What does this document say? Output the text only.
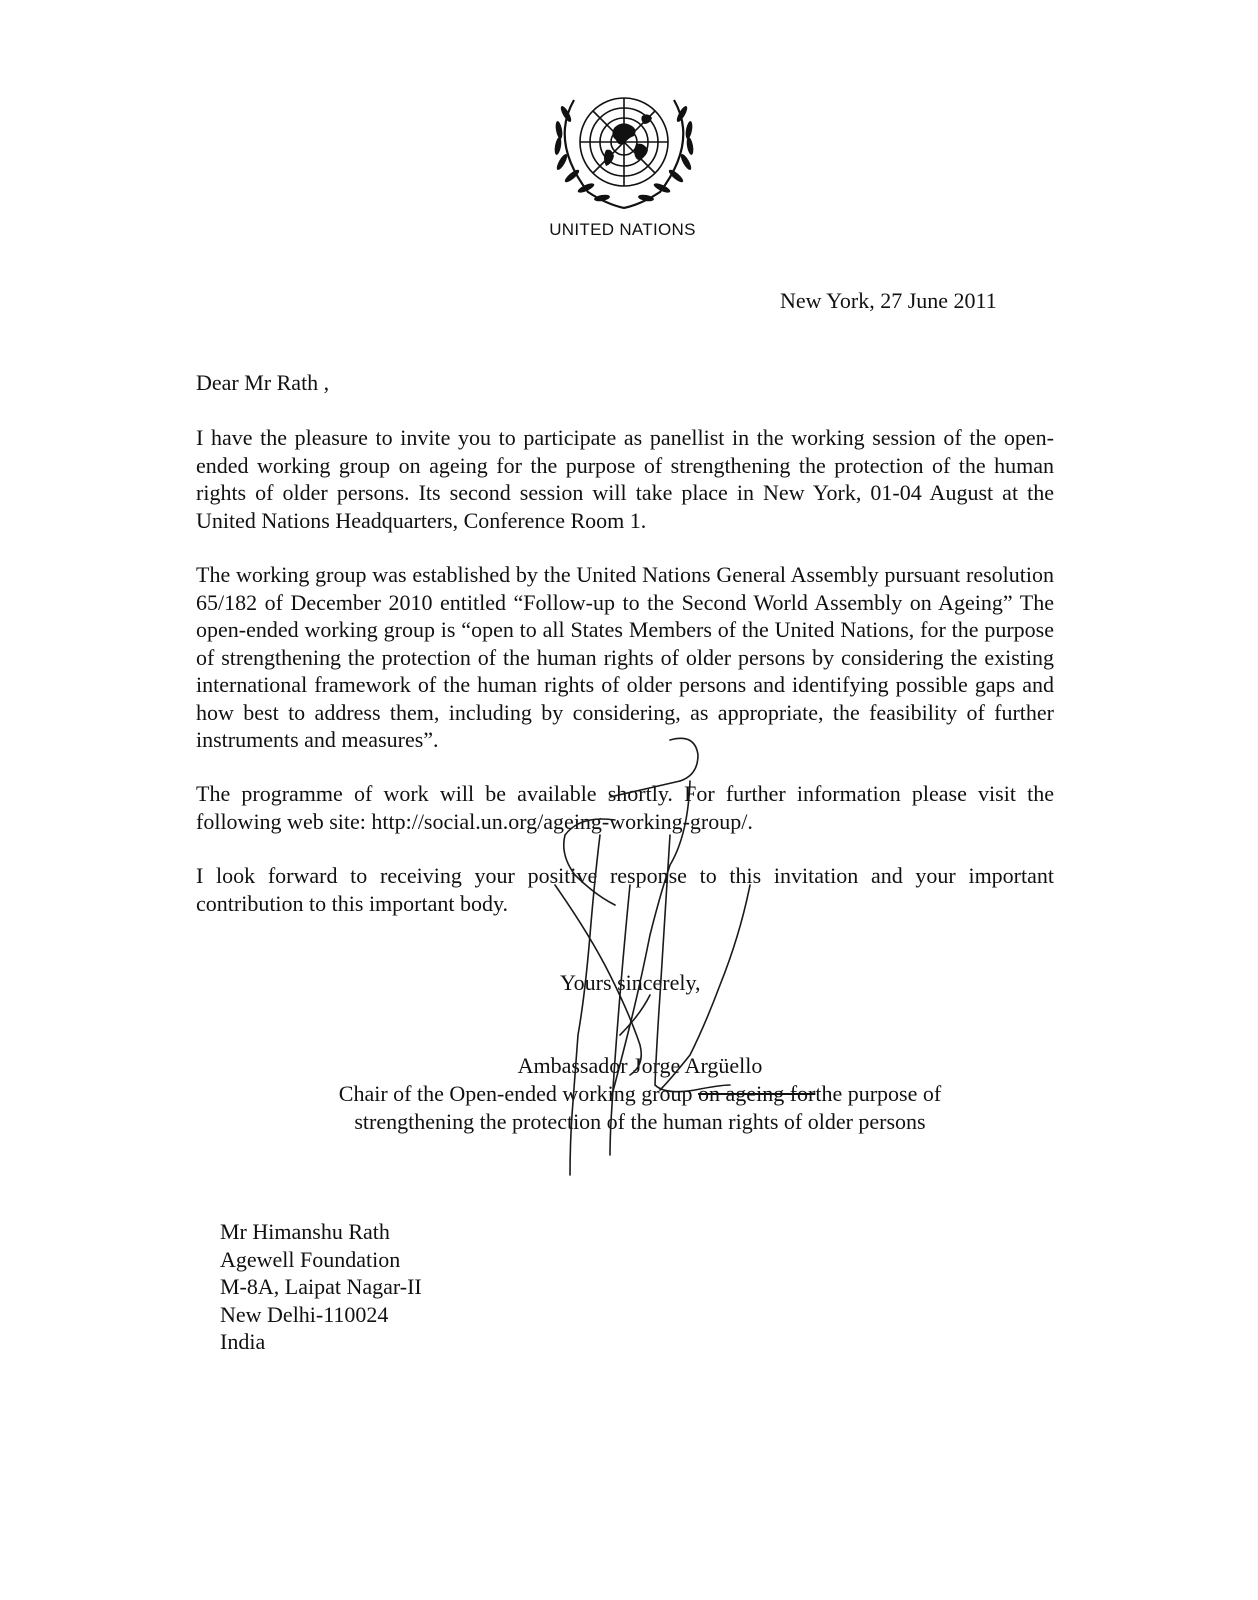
UNITED NATIONS
New York, 27 June 2011
Dear Mr Rath ,

I have the pleasure to invite you to participate as panellist in the working session of the open-ended working group on ageing for the purpose of strengthening the protection of the human rights of older persons. Its second session will take place in New York, 01-04 August at the United Nations Headquarters, Conference Room 1.

The working group was established by the United Nations General Assembly pursuant resolution 65/182 of December 2010 entitled “Follow-up to the Second World Assembly on Ageing” The open-ended working group is “open to all States Members of the United Nations, for the purpose of strengthening the protection of the human rights of older persons by considering the existing international framework of the human rights of older persons and identifying possible gaps and how best to address them, including by considering, as appropriate, the feasibility of further instruments and measures”.

The programme of work will be available shortly. For further information please visit the following web site: http://social.un.org/ageing-working-group/.

I look forward to receiving your positive response to this invitation and your important contribution to this important body.

Yours sincerely,
Ambassador Jorge Argüello
Chair of the Open-ended working group on ageing forthe purpose of
strengthening the protection of the human rights of older persons
Mr Himanshu Rath
Agewell Foundation
M-8A, Laipat Nagar-II
New Delhi-110024
India
